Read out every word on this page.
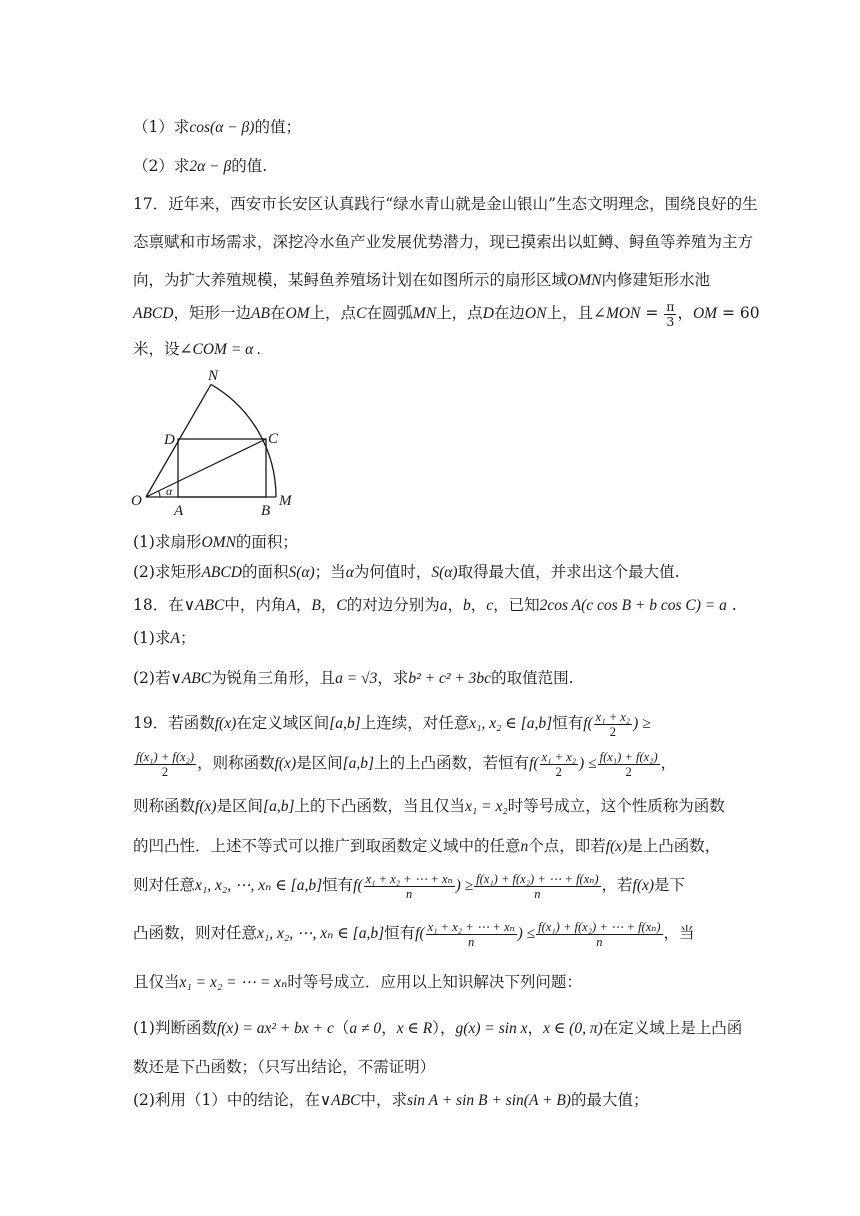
（1）求cos(α − β)的值；
（2）求2α − β的值.
17．近年来，西安市长安区认真践行“绿水青山就是金山银山”生态文明理念，围绕良好的生
态禀赋和市场需求，深挖冷水鱼产业发展优势潜力，现已摸索出以虹鳟、鲟鱼等养殖为主方
向，为扩大养殖规模，某鲟鱼养殖场计划在如图所示的扇形区域OMN内修建矩形水池
ABCD，矩形一边AB在OM上，点C在圆弧MN上，点D在边ON上，且∠MON = $\frac{\pi}{3}$ ，OM = 60
米，设∠COM = α .
N
D	C
O
α
A	B
M
(1)求扇形OMN的面积；
(2)求矩形ABCD的面积S(α)；当α为何值时，S(α)取得最大值，并求出这个最大值.
18．在∨ABC中，内角A，B，C的对边分别为a，b，c，已知2cos A(c cos B + b cos C) = a .
(1)求A；
(2)若∨ABC为锐角三角形，且a = √3，求b² + c² + 3bc的取值范围.
19．若函数f(x)在定义域区间[a,b]上连续，对任意x₁, x₂ ∈ [a,b]恒有$f( \frac{\text{x₁ + x₂}}{2}$ ) ≥
$\frac{\text{f(x₁) + f(x₂)}}{2}$ ，则称函数f(x)是区间[a,b]上的上凸函数，若恒有$f( \frac{\text{x₁ + x₂}}{2}$ ) ≤ $\frac{\text{f(x₁) + f(x₂)}}{2}$ ，
则称函数f(x)是区间[a,b]上的下凸函数，当且仅当x₁ = x₂时等号成立，这个性质称为函数
的凹凸性．上述不等式可以推广到取函数定义域中的任意n个点，即若f(x)是上凸函数，
则对任意x₁, x₂, ⋯, xₙ ∈ [a,b]恒有$f( \frac{\text{x₁ + x₂ + ⋯ + xₙ}}{n}$ ) ≥ $\frac{\text{f(x₁) + f(x₂) + ⋯ + f(xₙ)}}{n}$ ，若f(x)是下
凸函数，则对任意x₁, x₂, ⋯, xₙ ∈ [a,b]恒有$f( \frac{\text{x₁ + x₂ + ⋯ + xₙ}}{n}$ ) ≤ $\frac{\text{f(x₁) + f(x₂) + ⋯ + f(xₙ)}}{n}$ ，当
且仅当x₁ = x₂ = ⋯ = xₙ时等号成立．应用以上知识解决下列问题：
(1)判断函数f(x) = ax² + bx + c（a ≠ 0，x ∈ R），g(x) = sin x，x ∈ (0, π)在定义域上是上凸函
数还是下凸函数；（只写出结论，不需证明）
(2)利用（1）中的结论，在∨ABC中，求sin A + sin B + sin(A + B)的最大值；
